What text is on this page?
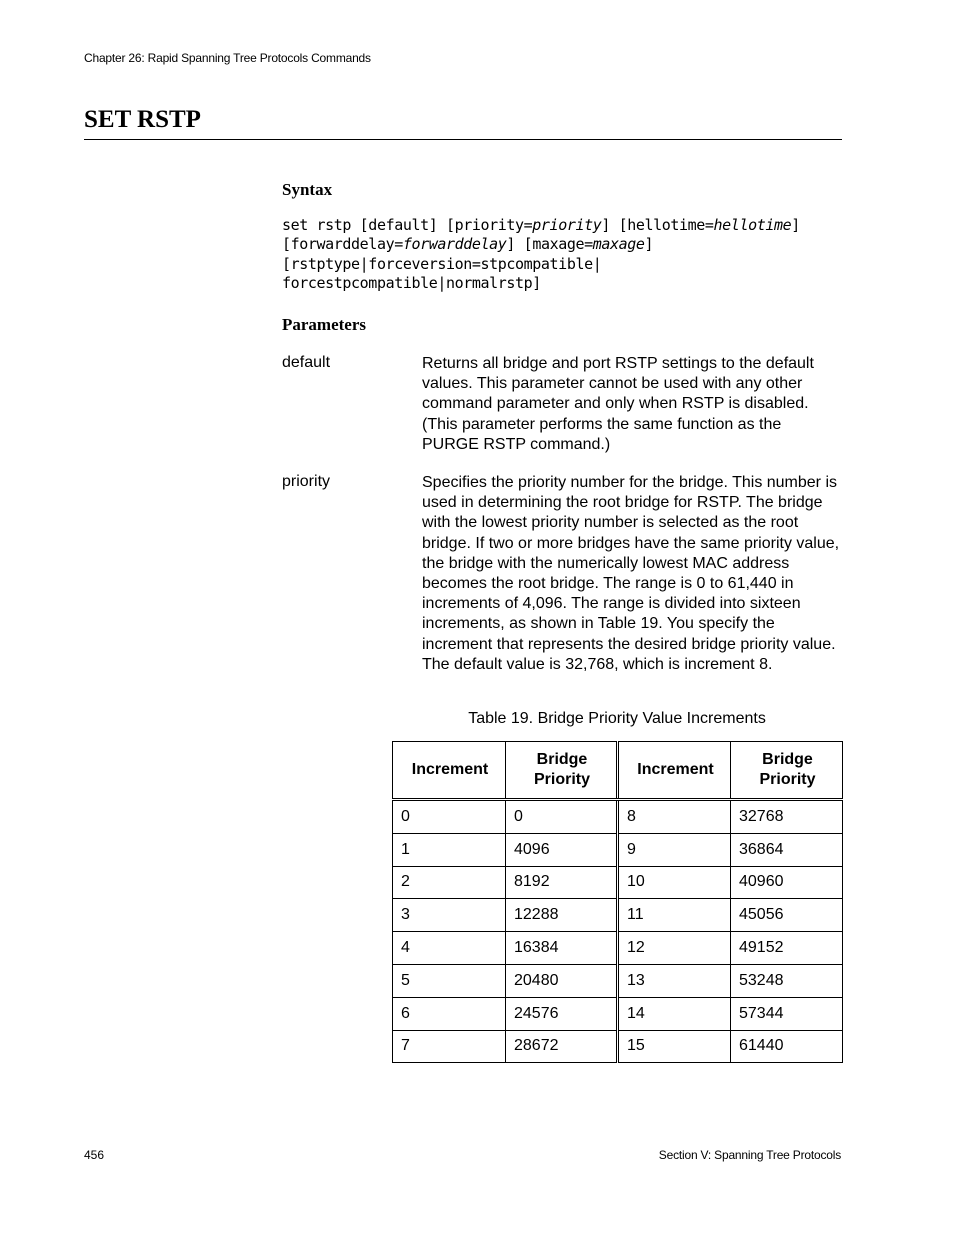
Chapter 26: Rapid Spanning Tree Protocols Commands
SET RSTP
Syntax
set rstp [default] [priority=priority] [hellotime=hellotime]
[forwarddelay=forwarddelay] [maxage=maxage]
[rstptype|forceversion=stpcompatible|
forcestpcompatible|normalrstp]
Parameters
default	Returns all bridge and port RSTP settings to the default values. This parameter cannot be used with any other command parameter and only when RSTP is disabled. (This parameter performs the same function as the PURGE RSTP command.)
priority	Specifies the priority number for the bridge. This number is used in determining the root bridge for RSTP. The bridge with the lowest priority number is selected as the root bridge. If two or more bridges have the same priority value, the bridge with the numerically lowest MAC address becomes the root bridge. The range is 0 to 61,440 in increments of 4,096. The range is divided into sixteen increments, as shown in Table 19. You specify the increment that represents the desired bridge priority value. The default value is 32,768, which is increment 8.
Table 19. Bridge Priority Value Increments
Increment	Bridge Priority	Increment	Bridge Priority
0	0	8	32768
1	4096	9	36864
2	8192	10	40960
3	12288	11	45056
4	16384	12	49152
5	20480	13	53248
6	24576	14	57344
7	28672	15	61440
456	Section V: Spanning Tree Protocols
